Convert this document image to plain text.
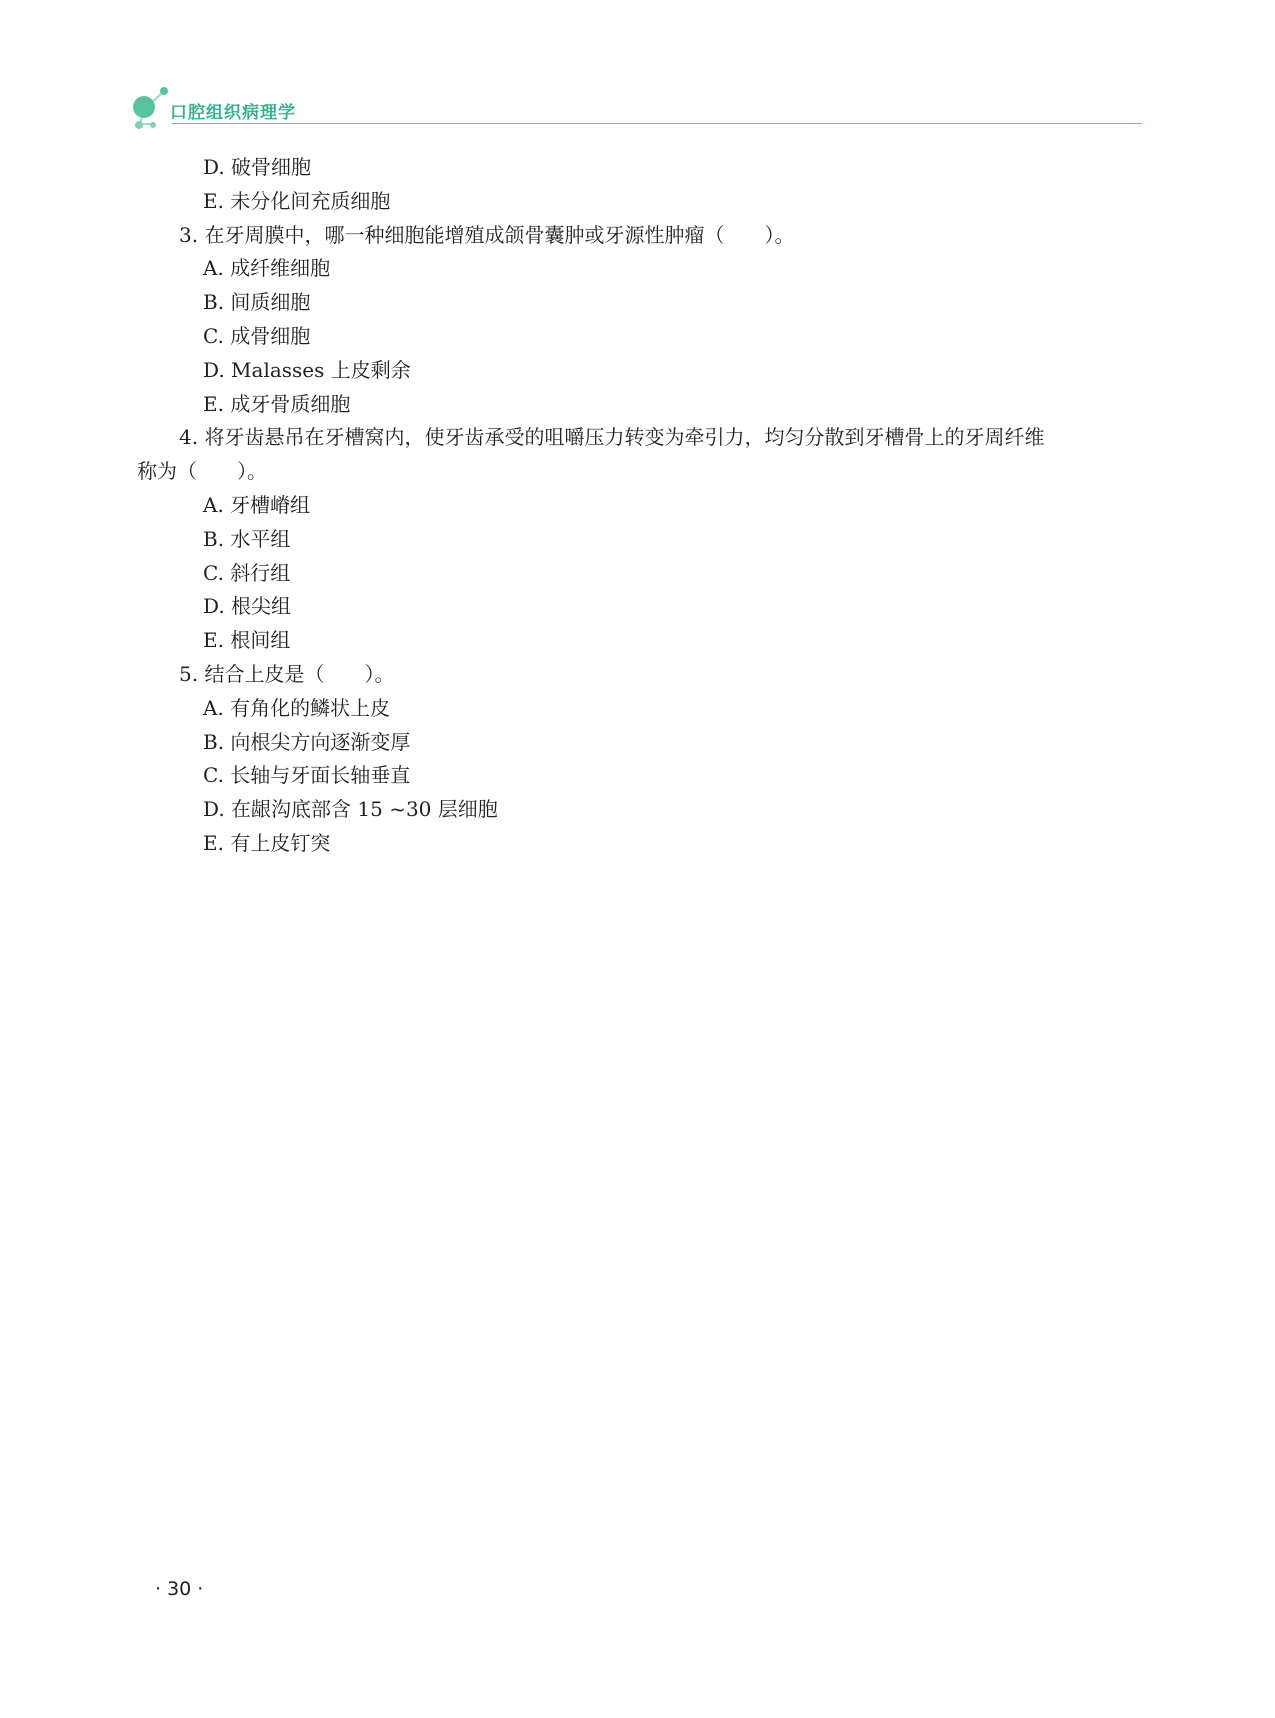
口腔组织病理学
D. 破骨细胞
E. 未分化间充质细胞
3. 在牙周膜中，哪一种细胞能增殖成颌骨囊肿或牙源性肿瘤（　　）。
A. 成纤维细胞
B. 间质细胞
C. 成骨细胞
D. Malasses 上皮剩余
E. 成牙骨质细胞
4. 将牙齿悬吊在牙槽窝内，使牙齿承受的咀嚼压力转变为牵引力，均匀分散到牙槽骨上的牙周纤维
称为（　　）。
A. 牙槽嵴组
B. 水平组
C. 斜行组
D. 根尖组
E. 根间组
5. 结合上皮是（　　）。
A. 有角化的鳞状上皮
B. 向根尖方向逐渐变厚
C. 长轴与牙面长轴垂直
D. 在龈沟底部含 15 ~30 层细胞
E. 有上皮钉突
· 30 ·
